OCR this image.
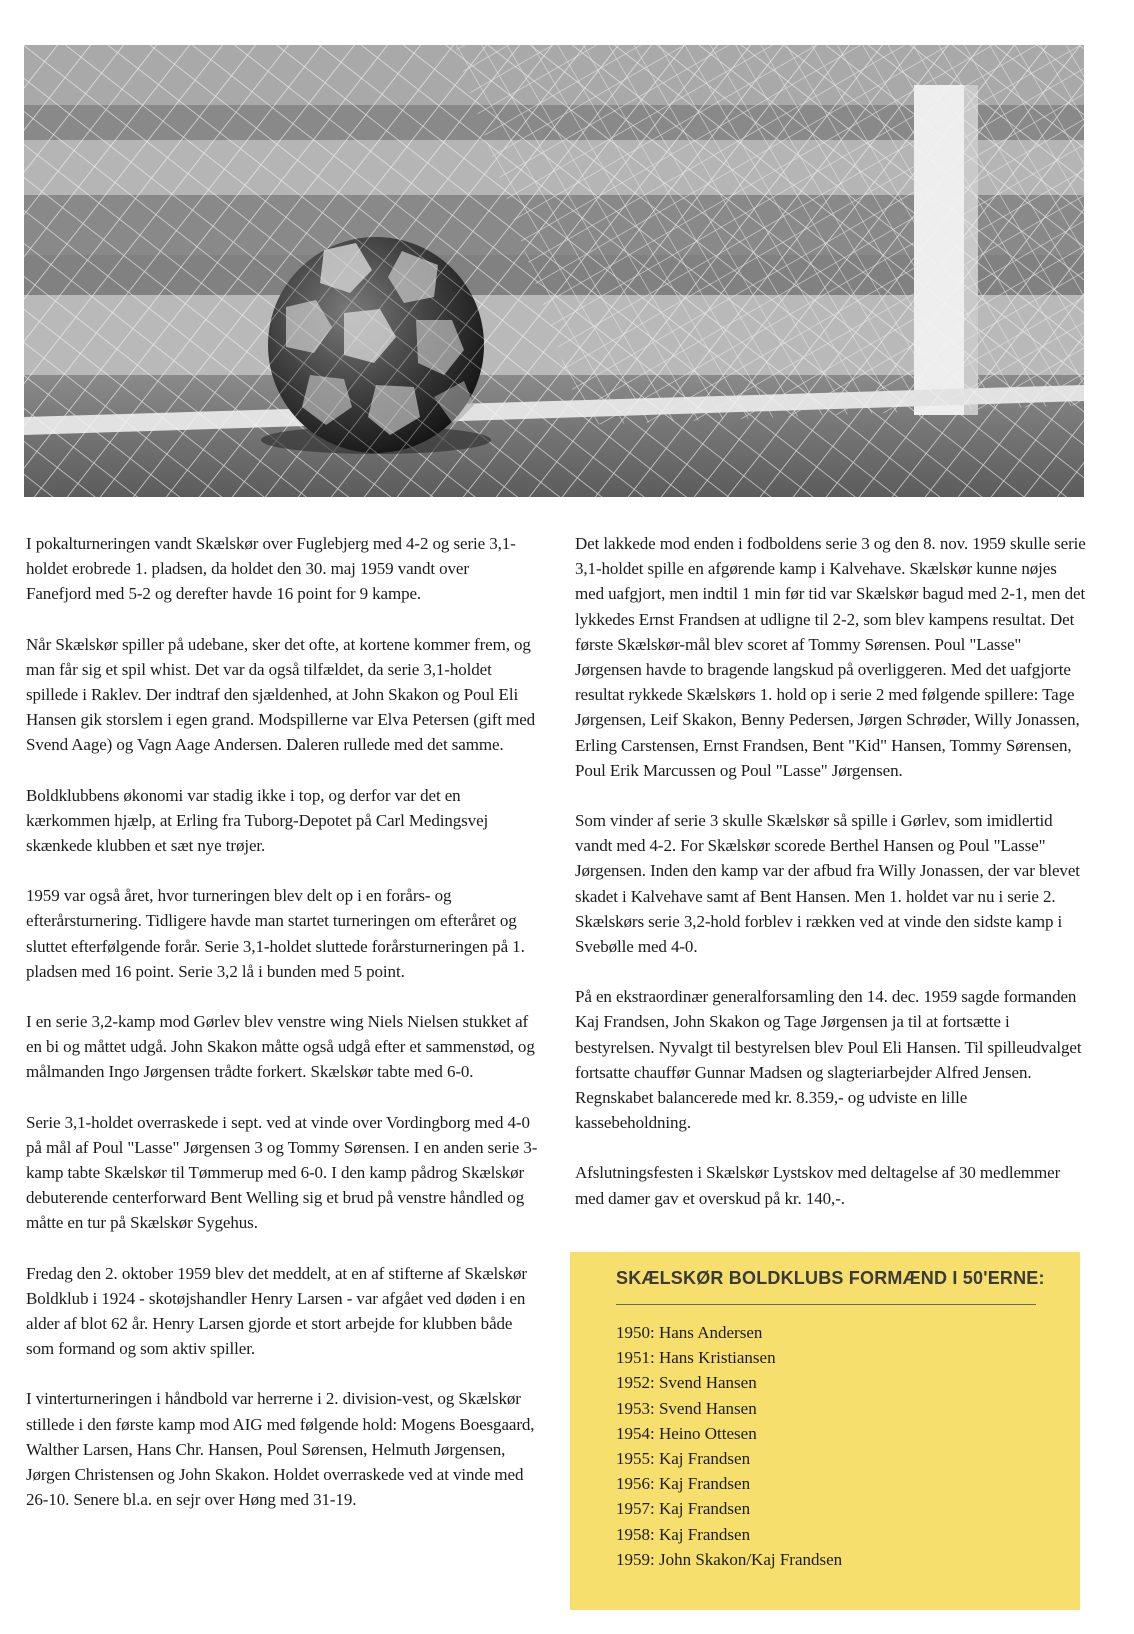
I pokalturneringen vandt Skælskør over Fuglebjerg med 4-2 og serie 3,1-holdet erobrede 1. pladsen, da holdet den 30. maj 1959 vandt over Fanefjord med 5-2 og derefter havde 16 point for 9 kampe.

Når Skælskør spiller på udebane, sker det ofte, at kortene kommer frem, og man får sig et spil whist. Det var da også tilfældet, da serie 3,1-holdet spillede i Raklev. Der indtraf den sjældenhed, at John Skakon og Poul Eli Hansen gik storslem i egen grand. Modspillerne var Elva Petersen (gift med Svend Aage) og Vagn Aage Andersen. Daleren rullede med det samme.

Boldklubbens økonomi var stadig ikke i top, og derfor var det en kærkommen hjælp, at Erling fra Tuborg-Depotet på Carl Medingsvej skænkede klubben et sæt nye trøjer.

1959 var også året, hvor turneringen blev delt op i en forårs- og efterårsturnering. Tidligere havde man startet turneringen om efteråret og sluttet efterfølgende forår. Serie 3,1-holdet sluttede forårsturneringen på 1. pladsen med 16 point. Serie 3,2 lå i bunden med 5 point.

I en serie 3,2-kamp mod Gørlev blev venstre wing Niels Nielsen stukket af en bi og måttet udgå. John Skakon måtte også udgå efter et sammenstød, og målmanden Ingo Jørgensen trådte forkert. Skælskør tabte med 6-0.

Serie 3,1-holdet overraskede i sept. ved at vinde over Vordingborg med 4-0 på mål af Poul "Lasse" Jørgensen 3 og Tommy Sørensen. I en anden serie 3-kamp tabte Skælskør til Tømmerup med 6-0. I den kamp pådrog Skælskør debuterende centerforward Bent Welling sig et brud på venstre håndled og måtte en tur på Skælskør Sygehus.

Fredag den 2. oktober 1959 blev det meddelt, at en af stifterne af Skælskør Boldklub i 1924 - skotøjshandler Henry Larsen - var afgået ved døden i en alder af blot 62 år. Henry Larsen gjorde et stort arbejde for klubben både som formand og som aktiv spiller.

I vinterturneringen i håndbold var herrerne i 2. division-vest, og Skælskør stillede i den første kamp mod AIG med følgende hold: Mogens Boesgaard, Walther Larsen, Hans Chr. Hansen, Poul Sørensen, Helmuth Jørgensen, Jørgen Christensen og John Skakon. Holdet overraskede ved at vinde med 26-10. Senere bl.a. en sejr over Høng med 31-19.

Det lakkede mod enden i fodboldens serie 3 og den 8. nov. 1959 skulle serie 3,1-holdet spille en afgørende kamp i Kalvehave. Skælskør kunne nøjes med uafgjort, men indtil 1 min før tid var Skælskør bagud med 2-1, men det lykkedes Ernst Frandsen at udligne til 2-2, som blev kampens resultat. Det første Skælskør-mål blev scoret af Tommy Sørensen. Poul "Lasse" Jørgensen havde to bragende langskud på overliggeren. Med det uafgjorte resultat rykkede Skælskørs 1. hold op i serie 2 med følgende spillere: Tage Jørgensen, Leif Skakon, Benny Pedersen, Jørgen Schrøder, Willy Jonassen, Erling Carstensen, Ernst Frandsen, Bent "Kid" Hansen, Tommy Sørensen, Poul Erik Marcussen og Poul "Lasse" Jørgensen.

Som vinder af serie 3 skulle Skælskør så spille i Gørlev, som imidlertid vandt med 4-2. For Skælskør scorede Berthel Hansen og Poul "Lasse" Jørgensen. Inden den kamp var der afbud fra Willy Jonassen, der var blevet skadet i Kalvehave samt af Bent Hansen. Men 1. holdet var nu i serie 2. Skælskørs serie 3,2-hold forblev i rækken ved at vinde den sidste kamp i Svebølle med 4-0.

På en ekstraordinær generalforsamling den 14. dec. 1959 sagde formanden Kaj Frandsen, John Skakon og Tage Jørgensen ja til at fortsætte i bestyrelsen. Nyvalgt til bestyrelsen blev Poul Eli Hansen. Til spilleudvalget fortsatte chauffør Gunnar Madsen og slagteriarbejder Alfred Jensen. Regnskabet balancerede med kr. 8.359,- og udviste en lille kassebeholdning.

Afslutningsfesten i Skælskør Lystskov med deltagelse af 30 medlemmer med damer gav et overskud på kr. 140,-.

SKÆLSKØR BOLDKLUBS FORMÆND I 50'ERNE:
1950: Hans Andersen
1951: Hans Kristiansen
1952: Svend Hansen
1953: Svend Hansen
1954: Heino Ottesen
1955: Kaj Frandsen
1956: Kaj Frandsen
1957: Kaj Frandsen
1958: Kaj Frandsen
1959: John Skakon/Kaj Frandsen
